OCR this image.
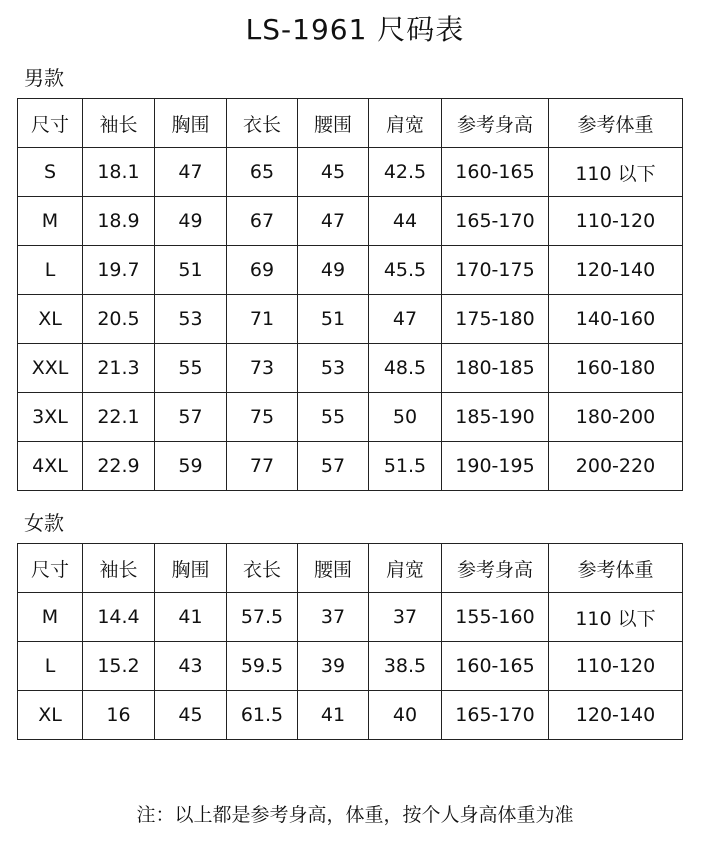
LS-1961 尺码表
男款
尺寸	袖长	胸围	衣长	腰围	肩宽	参考身高	参考体重
S	18.1	47	65	45	42.5	160-165	110 以下
M	18.9	49	67	47	44	165-170	110-120
L	19.7	51	69	49	45.5	170-175	120-140
XL	20.5	53	71	51	47	175-180	140-160
XXL	21.3	55	73	53	48.5	180-185	160-180
3XL	22.1	57	75	55	50	185-190	180-200
4XL	22.9	59	77	57	51.5	190-195	200-220
女款
尺寸	袖长	胸围	衣长	腰围	肩宽	参考身高	参考体重
M	14.4	41	57.5	37	37	155-160	110 以下
L	15.2	43	59.5	39	38.5	160-165	110-120
XL	16	45	61.5	41	40	165-170	120-140
注：以上都是参考身高，体重，按个人身高体重为准
